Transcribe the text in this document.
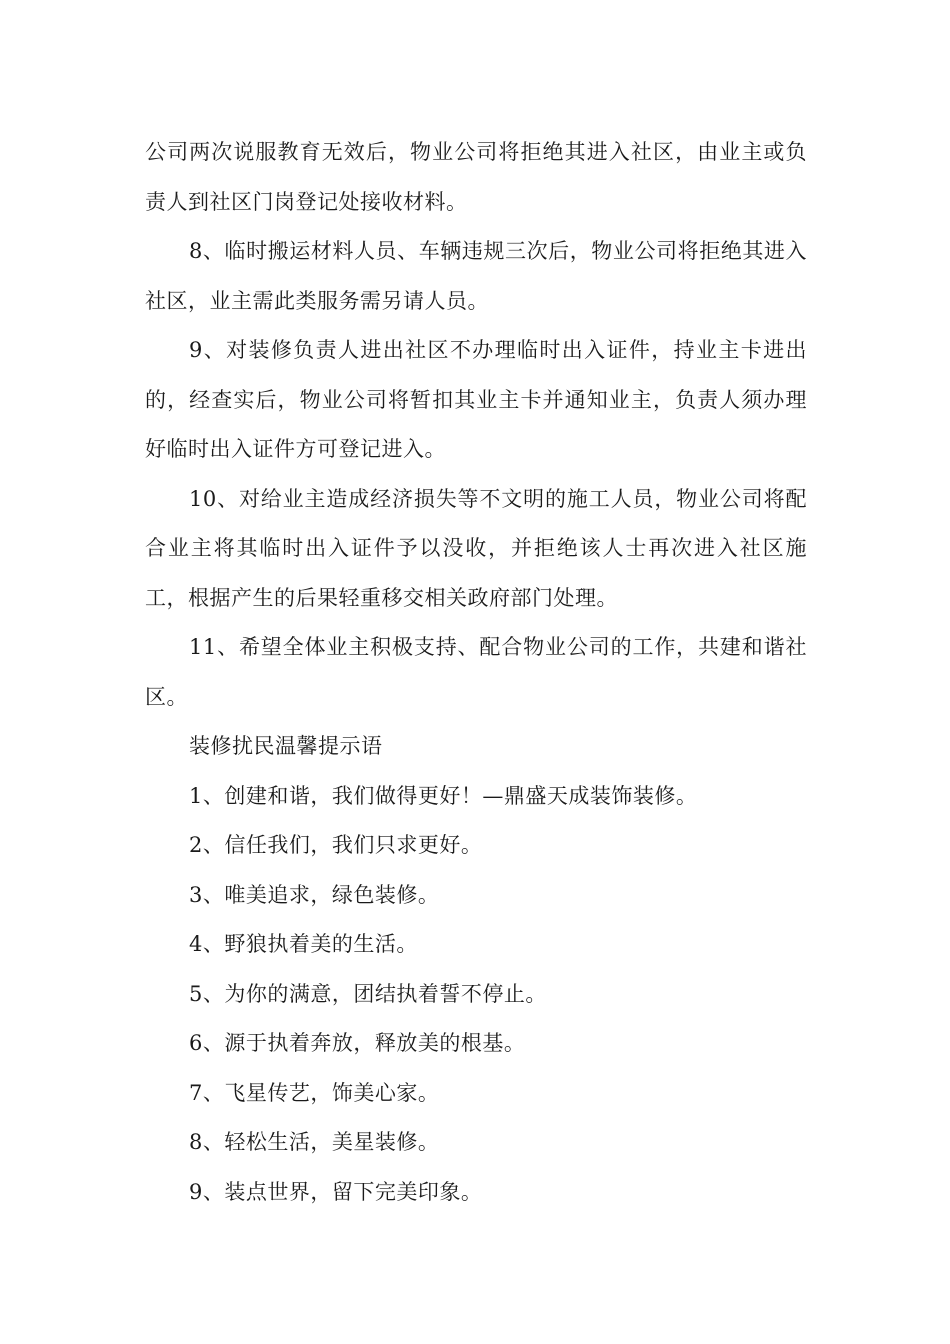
公司两次说服教育无效后，物业公司将拒绝其进入社区，由业主或负责人到社区门岗登记处接收材料。

8、临时搬运材料人员、车辆违规三次后，物业公司将拒绝其进入社区，业主需此类服务需另请人员。

9、对装修负责人进出社区不办理临时出入证件，持业主卡进出的，经查实后，物业公司将暂扣其业主卡并通知业主，负责人须办理好临时出入证件方可登记进入。

10、对给业主造成经济损失等不文明的施工人员，物业公司将配合业主将其临时出入证件予以没收，并拒绝该人士再次进入社区施工，根据产生的后果轻重移交相关政府部门处理。

11、希望全体业主积极支持、配合物业公司的工作，共建和谐社区。

装修扰民温馨提示语

1、创建和谐，我们做得更好！—鼎盛天成装饰装修。

2、信任我们，我们只求更好。

3、唯美追求，绿色装修。

4、野狼执着美的生活。

5、为你的满意，团结执着誓不停止。

6、源于执着奔放，释放美的根基。

7、飞星传艺，饰美心家。

8、轻松生活，美星装修。

9、装点世界，留下完美印象。
